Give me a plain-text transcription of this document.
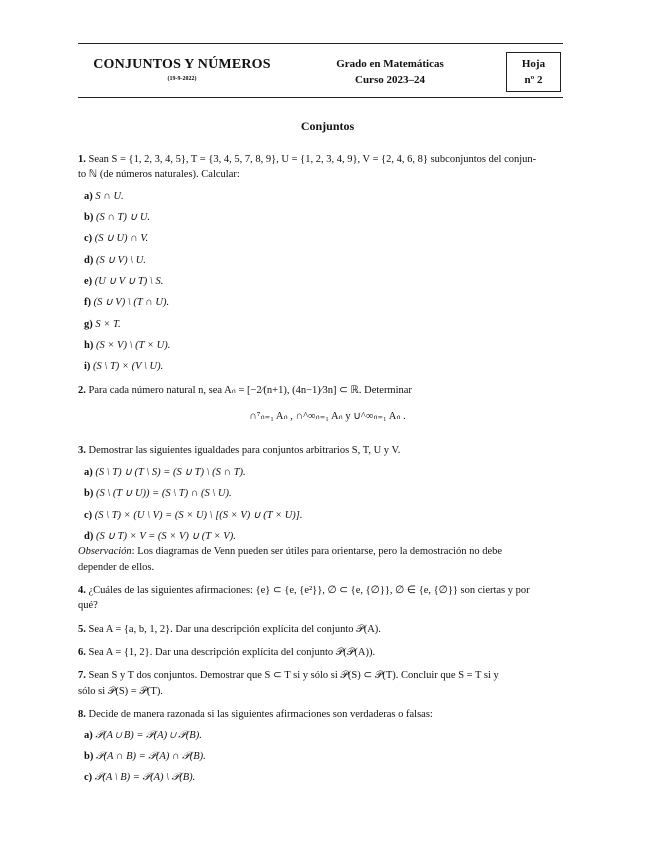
CONJUNTOS Y NÚMEROS
(19-9-2022)
Grado en Matemáticas
Curso 2023–24
Hoja
nº 2
Conjuntos
1. Sean S = {1, 2, 3, 4, 5}, T = {3, 4, 5, 7, 8, 9}, U = {1, 2, 3, 4, 9}, V = {2, 4, 6, 8} subconjuntos del conjun-
to ℕ (de números naturales). Calcular:
a) S ∩ U.
b) (S ∩ T) ∪ U.
c) (S ∪ U) ∩ V.
d) (S ∪ V) \ U.
e) (U ∪ V ∪ T) \ S.
f) (S ∪ V) \ (T ∩ U).
g) S × T.
h) (S × V) \ (T × U).
i) (S \ T) × (V \ U).
2. Para cada número natural n, sea Aₙ = [−2⁄(n+1), (4n−1)⁄3n] ⊂ ℝ. Determinar
∩⁷ₙ₌₁ Aₙ , ∩^∞ₙ₌₁ Aₙ y ∪^∞ₙ₌₁ Aₙ .
3. Demostrar las siguientes igualdades para conjuntos arbitrarios S, T, U y V.
a) (S \ T) ∪ (T \ S) = (S ∪ T) \ (S ∩ T).
b) (S \ (T ∪ U)) = (S \ T) ∩ (S \ U).
c) (S \ T) × (U \ V) = (S × U) \ [(S × V) ∪ (T × U)].
d) (S ∪ T) × V = (S × V) ∪ (T × V).
Observación: Los diagramas de Venn pueden ser útiles para orientarse, pero la demostración no debe
depender de ellos.
4. ¿Cuáles de las siguientes afirmaciones: {e} ⊂ {e, {e²}}, ∅ ⊂ {e, {∅}}, ∅ ∈ {e, {∅}} son ciertas y por
qué?
5. Sea A = {a, b, 1, 2}. Dar una descripción explícita del conjunto 𝒫(A).
6. Sea A = {1, 2}. Dar una descripción explícita del conjunto 𝒫(𝒫(A)).
7. Sean S y T dos conjuntos. Demostrar que S ⊂ T si y sólo si 𝒫(S) ⊂ 𝒫(T). Concluir que S = T si y
sólo si 𝒫(S) = 𝒫(T).
8. Decide de manera razonada si las siguientes afirmaciones son verdaderas o falsas:
a) 𝒫(A ∪ B) = 𝒫(A) ∪ 𝒫(B).
b) 𝒫(A ∩ B) = 𝒫(A) ∩ 𝒫(B).
c) 𝒫(A \ B) = 𝒫(A) \ 𝒫(B).
